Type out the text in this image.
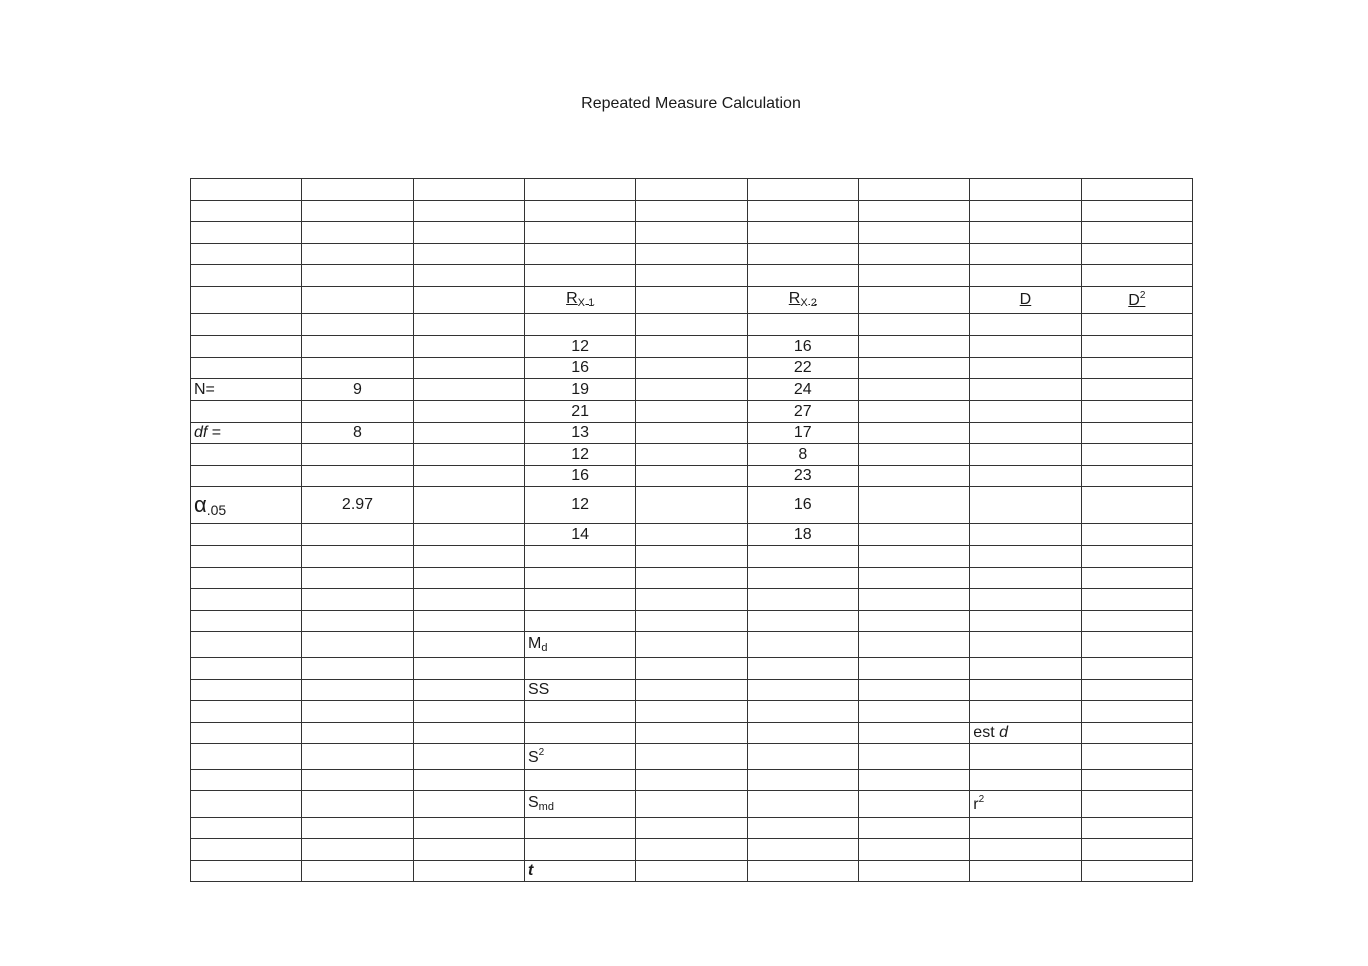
Repeated Measure Calculation

			$R_{X 1}$		$R_{X 2}$		D	$D^2$

			12		16			
			16		22			
N=	9		19		24			
			21		27			
df =	8		13		17			
			12		8			
			16		23			
α.05	2.97		12		16			
			14		18			

			$M_d$					

			SS					

							est d	
			$S^2$					

			$S_{md}$				$r^2$	

			t					
